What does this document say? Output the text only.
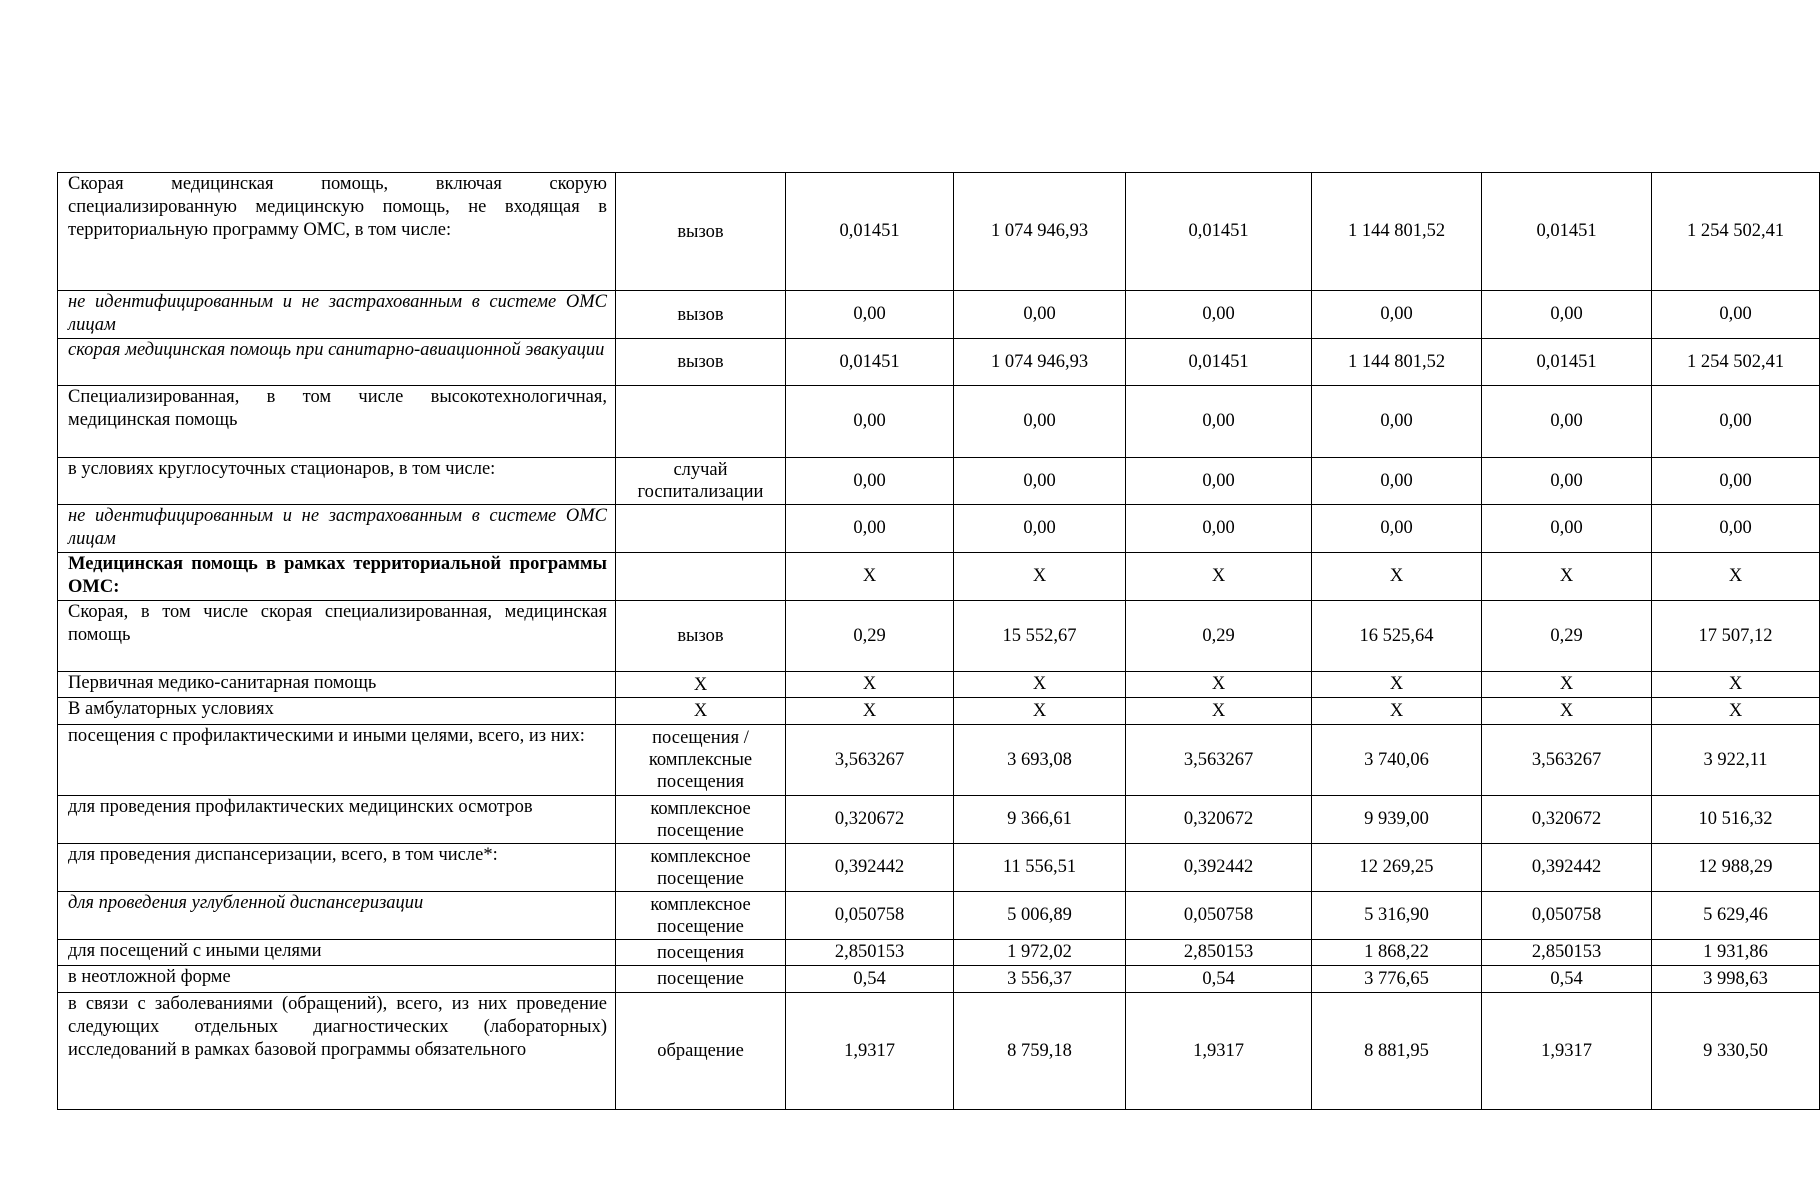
Скорая медицинская помощь, включая скорую специализированную медицинскую помощь, не входящая в территориальную программу ОМС, в том числе:	вызов	0,01451	1 074 946,93	0,01451	1 144 801,52	0,01451	1 254 502,41
не идентифицированным и не застрахованным в системе ОМС лицам	вызов	0,00	0,00	0,00	0,00	0,00	0,00
скорая медицинская помощь при санитарно-авиационной эвакуации	вызов	0,01451	1 074 946,93	0,01451	1 144 801,52	0,01451	1 254 502,41
Специализированная, в том числе высокотехнологичная, медицинская помощь		0,00	0,00	0,00	0,00	0,00	0,00
в условиях круглосуточных стационаров, в том числе:	случай госпитализации	0,00	0,00	0,00	0,00	0,00	0,00
не идентифицированным и не застрахованным в системе ОМС лицам		0,00	0,00	0,00	0,00	0,00	0,00
Медицинская помощь в рамках территориальной программы ОМС:		X	X	X	X	X	X
Скорая, в том числе скорая специализированная, медицинская помощь	вызов	0,29	15 552,67	0,29	16 525,64	0,29	17 507,12
Первичная медико-санитарная помощь	X	X	X	X	X	X	X
В амбулаторных условиях	X	X	X	X	X	X	X
посещения с профилактическими и иными целями, всего, из них:	посещения / комплексные посещения	3,563267	3 693,08	3,563267	3 740,06	3,563267	3 922,11
для проведения профилактических медицинских осмотров	комплексное посещение	0,320672	9 366,61	0,320672	9 939,00	0,320672	10 516,32
для проведения диспансеризации, всего, в том числе*:	комплексное посещение	0,392442	11 556,51	0,392442	12 269,25	0,392442	12 988,29
для проведения углубленной диспансеризации	комплексное посещение	0,050758	5 006,89	0,050758	5 316,90	0,050758	5 629,46
для посещений с иными целями	посещения	2,850153	1 972,02	2,850153	1 868,22	2,850153	1 931,86
в неотложной форме	посещение	0,54	3 556,37	0,54	3 776,65	0,54	3 998,63

в связи с заболеваниями (обращений), всего, из них проведение следующих отдельных диагностических (лабораторных) исследований в рамках базовой программы обязательного	обращение	1,9317	8 759,18	1,9317	8 881,95	1,9317	9 330,50
